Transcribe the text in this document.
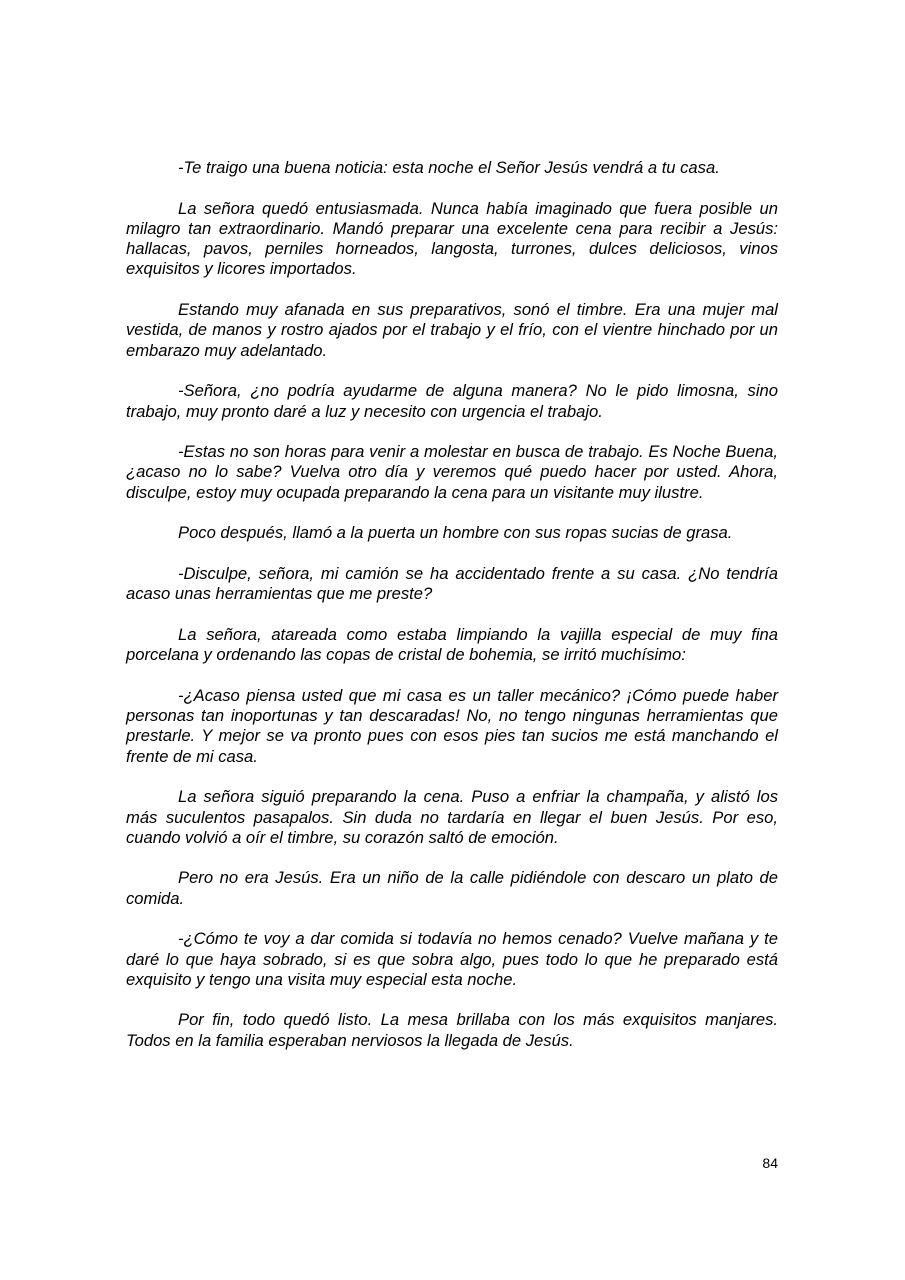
-Te traigo una buena noticia: esta noche el Señor Jesús vendrá a tu casa.

La señora quedó entusiasmada. Nunca había imaginado que fuera posible un milagro tan extraordinario. Mandó preparar una excelente cena para recibir a Jesús: hallacas, pavos, perniles horneados, langosta, turrones, dulces deliciosos, vinos exquisitos y licores importados.

Estando muy afanada en sus preparativos, sonó el timbre. Era una mujer mal vestida, de manos y rostro ajados por el trabajo y el frío, con el vientre hinchado por un embarazo muy adelantado.

-Señora, ¿no podría ayudarme de alguna manera? No le pido limosna, sino trabajo, muy pronto daré a luz y necesito con urgencia el trabajo.

-Estas no son horas para venir a molestar en busca de trabajo. Es Noche Buena, ¿acaso no lo sabe? Vuelva otro día y veremos qué puedo hacer por usted. Ahora, disculpe, estoy muy ocupada preparando la cena para un visitante muy ilustre.

Poco después, llamó a la puerta un hombre con sus ropas sucias de grasa.

-Disculpe, señora, mi camión se ha accidentado frente a su casa. ¿No tendría acaso unas herramientas que me preste?

La señora, atareada como estaba limpiando la vajilla especial de muy fina porcelana y ordenando las copas de cristal de bohemia, se irritó muchísimo:

-¿Acaso piensa usted que mi casa es un taller mecánico? ¡Cómo puede haber personas tan inoportunas y tan descaradas! No, no tengo ningunas herramientas que prestarle. Y mejor se va pronto pues con esos pies tan sucios me está manchando el frente de mi casa.

La señora siguió preparando la cena. Puso a enfriar la champaña, y alistó los más suculentos pasapalos. Sin duda no tardaría en llegar el buen Jesús. Por eso, cuando volvió a oír el timbre, su corazón saltó de emoción.

Pero no era Jesús. Era un niño de la calle pidiéndole con descaro un plato de comida.

-¿Cómo te voy a dar comida si todavía no hemos cenado? Vuelve mañana y te daré lo que haya sobrado, si es que sobra algo, pues todo lo que he preparado está exquisito y tengo una visita muy especial esta noche.

Por fin, todo quedó listo. La mesa brillaba con los más exquisitos manjares. Todos en la familia esperaban nerviosos la llegada de Jesús.

84
